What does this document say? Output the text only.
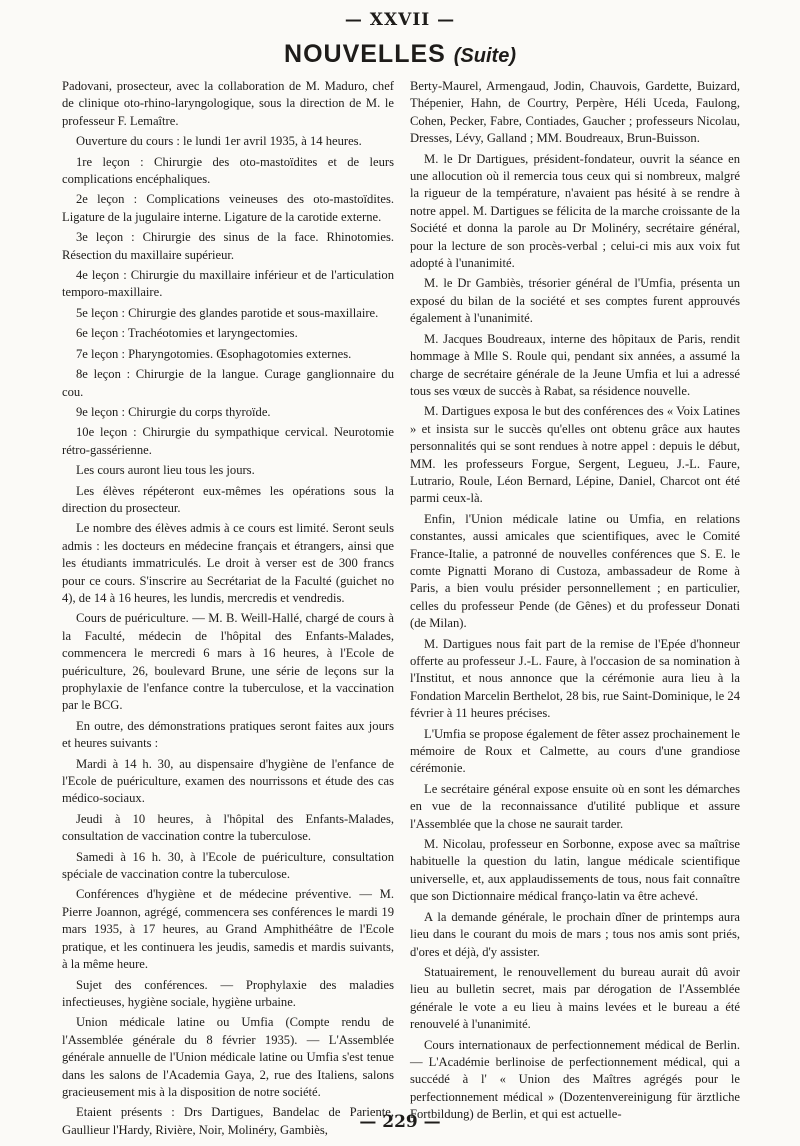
— XXVII —
NOUVELLES (Suite)

Padovani, prosecteur, avec la collaboration de M. Maduro, chef de clinique oto-rhino-laryngologique, sous la direction de M. le professeur F. Lemaître.

Ouverture du cours : le lundi 1er avril 1935, à 14 heures.

1re leçon : Chirurgie des oto-mastoïdites et de leurs complications encéphaliques.

2e leçon : Complications veineuses des oto-mastoïdites. Ligature de la jugulaire interne. Ligature de la carotide externe.

3e leçon : Chirurgie des sinus de la face. Rhinotomies. Résection du maxillaire supérieur.

4e leçon : Chirurgie du maxillaire inférieur et de l'articulation temporo-maxillaire.

5e leçon : Chirurgie des glandes parotide et sous-maxillaire.

6e leçon : Trachéotomies et laryngectomies.

7e leçon : Pharyngotomies. Œsophagotomies externes.

8e leçon : Chirurgie de la langue. Curage ganglionnaire du cou.

9e leçon : Chirurgie du corps thyroïde.

10e leçon : Chirurgie du sympathique cervical. Neurotomie rétro-gassérienne.

Les cours auront lieu tous les jours.

Les élèves répéteront eux-mêmes les opérations sous la direction du prosecteur.

Le nombre des élèves admis à ce cours est limité. Seront seuls admis : les docteurs en médecine français et étrangers, ainsi que les étudiants immatriculés. Le droit à verser est de 300 francs pour ce cours. S'inscrire au Secrétariat de la Faculté (guichet no 4), de 14 à 16 heures, les lundis, mercredis et vendredis.

Cours de puériculture. — M. B. Weill-Hallé, chargé de cours à la Faculté, médecin de l'hôpital des Enfants-Malades, commencera le mercredi 6 mars à 16 heures, à l'Ecole de puériculture, 26, boulevard Brune, une série de leçons sur la prophylaxie de l'enfance contre la tuberculose, et la vaccination par le BCG.

En outre, des démonstrations pratiques seront faites aux jours et heures suivants :

Mardi à 14 h. 30, au dispensaire d'hygiène de l'enfance de l'Ecole de puériculture, examen des nourrissons et étude des cas médico-sociaux.

Jeudi à 10 heures, à l'hôpital des Enfants-Malades, consultation de vaccination contre la tuberculose.

Samedi à 16 h. 30, à l'Ecole de puériculture, consultation spéciale de vaccination contre la tuberculose.

Conférences d'hygiène et de médecine préventive. — M. Pierre Joannon, agrégé, commencera ses conférences le mardi 19 mars 1935, à 17 heures, au Grand Amphithéâtre de l'Ecole pratique, et les continuera les jeudis, samedis et mardis suivants, à la même heure.

Sujet des conférences. — Prophylaxie des maladies infectieuses, hygiène sociale, hygiène urbaine.

Union médicale latine ou Umfia (Compte rendu de l'Assemblée générale du 8 février 1935). — L'Assemblée générale annuelle de l'Union médicale latine ou Umfia s'est tenue dans les salons de l'Academia Gaya, 2, rue des Italiens, salons gracieusement mis à la disposition de notre société.

Etaient présents : Drs Dartigues, Bandelac de Pariente, Gaullieur l'Hardy, Rivière, Noir, Molinéry, Gambiès,

Berty-Maurel, Armengaud, Jodin, Chauvois, Gardette, Buizard, Thépenier, Hahn, de Courtry, Perpère, Héli Uceda, Faulong, Cohen, Pecker, Fabre, Contiades, Gaucher ; professeurs Nicolau, Dresses, Lévy, Galland ; MM. Boudreaux, Brun-Buisson.

M. le Dr Dartigues, président-fondateur, ouvrit la séance en une allocution où il remercia tous ceux qui si nombreux, malgré la rigueur de la température, n'avaient pas hésité à se rendre à notre appel. M. Dartigues se félicita de la marche croissante de la Société et donna la parole au Dr Molinéry, secrétaire général, pour la lecture de son procès-verbal ; celui-ci mis aux voix fut adopté à l'unanimité.

M. le Dr Gambiès, trésorier général de l'Umfia, présenta un exposé du bilan de la société et ses comptes furent approuvés également à l'unanimité.

M. Jacques Boudreaux, interne des hôpitaux de Paris, rendit hommage à Mlle S. Roule qui, pendant six années, a assumé la charge de secrétaire générale de la Jeune Umfia et lui a adressé tous ses vœux de succès à Rabat, sa résidence nouvelle.

M. Dartigues exposa le but des conférences des « Voix Latines » et insista sur le succès qu'elles ont obtenu grâce aux hautes personnalités qui se sont rendues à notre appel : depuis le début, MM. les professeurs Forgue, Sergent, Legueu, J.-L. Faure, Lutrario, Roule, Léon Bernard, Lépine, Daniel, Charcot ont été parmi ceux-là.

Enfin, l'Union médicale latine ou Umfia, en relations constantes, aussi amicales que scientifiques, avec le Comité France-Italie, a patronné de nouvelles conférences que S. E. le comte Pignatti Morano di Custoza, ambassadeur de Rome à Paris, a bien voulu présider personnellement ; en particulier, celles du professeur Pende (de Gênes) et du professeur Donati (de Milan).

M. Dartigues nous fait part de la remise de l'Epée d'honneur offerte au professeur J.-L. Faure, à l'occasion de sa nomination à l'Institut, et nous annonce que la cérémonie aura lieu à la Fondation Marcelin Berthelot, 28 bis, rue Saint-Dominique, le 24 février à 11 heures précises.

L'Umfia se propose également de fêter assez prochainement le mémoire de Roux et Calmette, au cours d'une grandiose cérémonie.

Le secrétaire général expose ensuite où en sont les démarches en vue de la reconnaissance d'utilité publique et assure l'Assemblée que la chose ne saurait tarder.

M. Nicolau, professeur en Sorbonne, expose avec sa maîtrise habituelle la question du latin, langue médicale scientifique universelle, et, aux applaudissements de tous, nous fait connaître que son Dictionnaire médical franço-latin va être achevé.

A la demande générale, le prochain dîner de printemps aura lieu dans le courant du mois de mars ; tous nos amis sont priés, d'ores et déjà, d'y assister.

Statuairement, le renouvellement du bureau aurait dû avoir lieu au bulletin secret, mais par dérogation de l'Assemblée générale le vote a eu lieu à mains levées et le bureau a été renouvelé à l'unanimité.

Cours internationaux de perfectionnement médical de Berlin. — L'Académie berlinoise de perfectionnement médical, qui a succédé à l' « Union des Maîtres agrégés pour le perfectionnement médical » (Dozentenvereinigung für ärztliche Fortbildung) de Berlin, et qui est actuelle-

— 229 —
